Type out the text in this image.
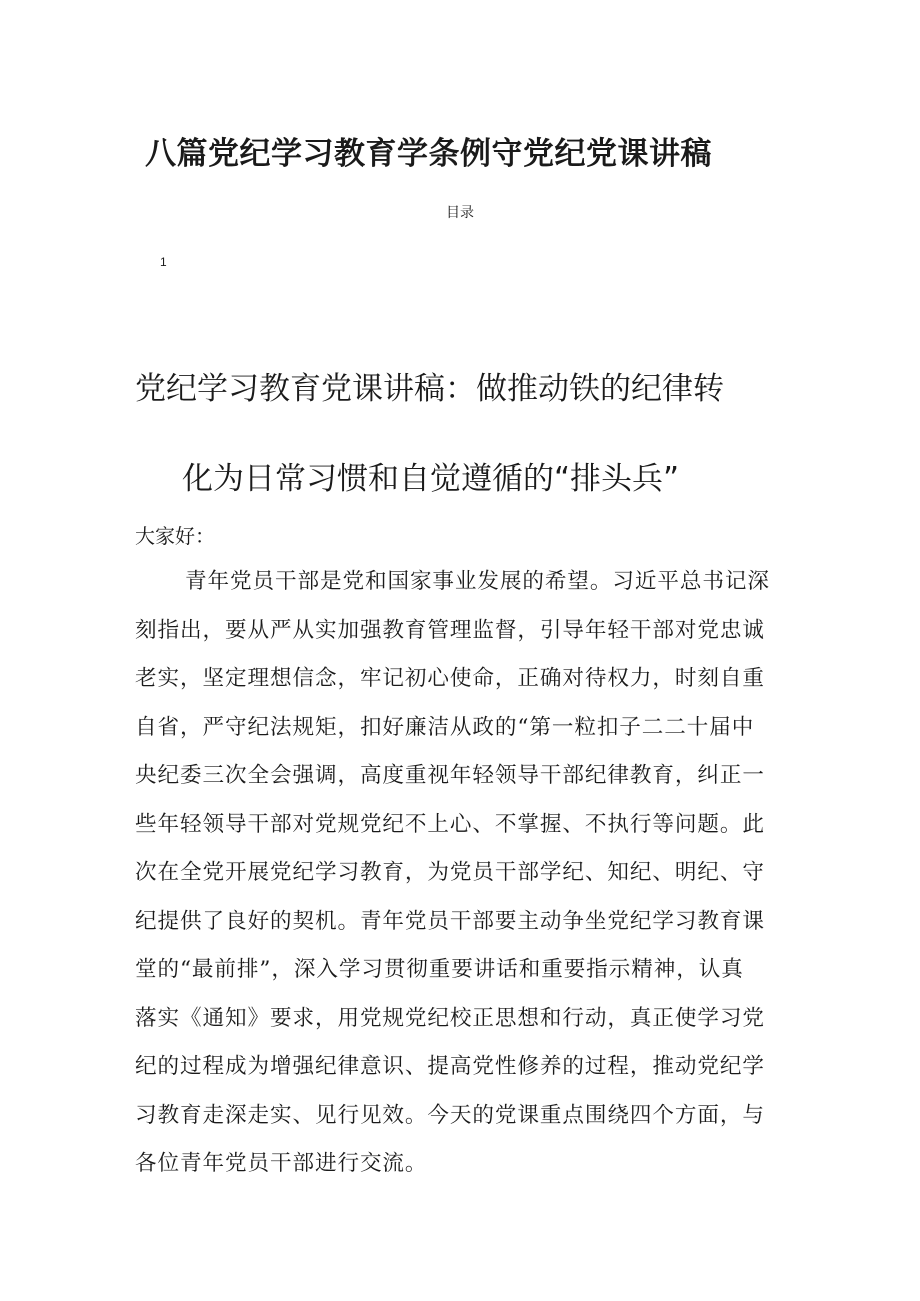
八篇党纪学习教育学条例守党纪党课讲稿
目录
1
党纪学习教育党课讲稿：做推动铁的纪律转
化为日常习惯和自觉遵循的“排头兵”
大家好：
青年党员干部是党和国家事业发展的希望。习近平总书记深
刻指出，要从严从实加强教育管理监督，引导年轻干部对党忠诚
老实，坚定理想信念，牢记初心使命，正确对待权力，时刻自重
自省，严守纪法规矩，扣好廉洁从政的“第一粒扣子二二十届中
央纪委三次全会强调，高度重视年轻领导干部纪律教育，纠正一
些年轻领导干部对党规党纪不上心、不掌握、不执行等问题。此
次在全党开展党纪学习教育，为党员干部学纪、知纪、明纪、守
纪提供了良好的契机。青年党员干部要主动争坐党纪学习教育课
堂的“最前排”，深入学习贯彻重要讲话和重要指示精神，认真
落实《通知》要求，用党规党纪校正思想和行动，真正使学习党
纪的过程成为增强纪律意识、提高党性修养的过程，推动党纪学
习教育走深走实、见行见效。今天的党课重点围绕四个方面，与
各位青年党员干部进行交流。
